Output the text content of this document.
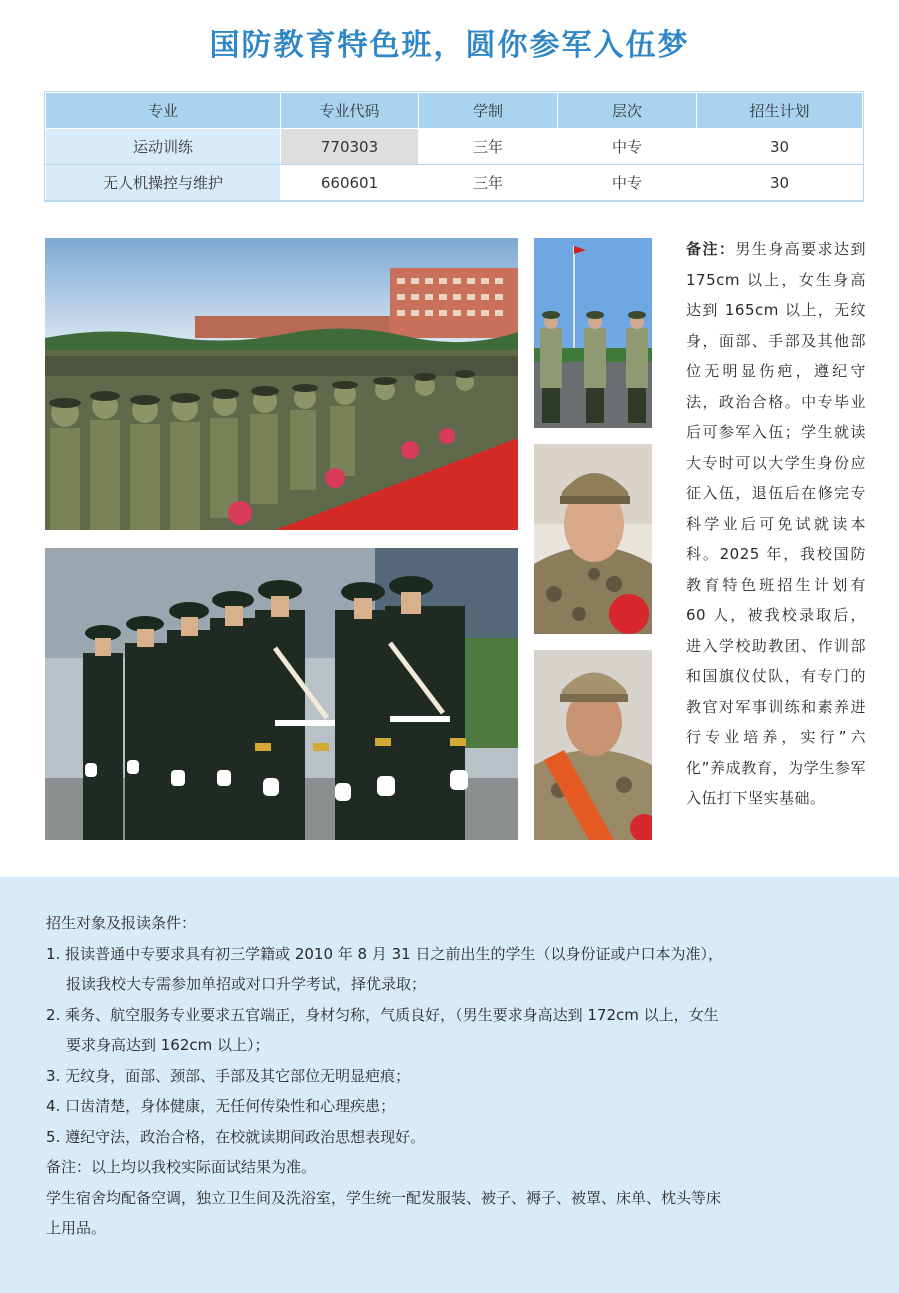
国防教育特色班，圆你参军入伍梦
专业	专业代码	学制	层次	招生计划
运动训练	770303	三年	中专	30
无人机操控与维护	660601	三年	中专	30
备注：男生身高要求达到175cm 以上，女生身高达到 165cm 以上，无纹身，面部、手部及其他部位无明显伤疤，遵纪守法，政治合格。中专毕业后可参军入伍；学生就读大专时可以大学生身份应征入伍，退伍后在修完专科学业后可免试就读本科。2025 年，我校国防教育特色班招生计划有 60 人，被我校录取后，进入学校助教团、作训部和国旗仪仗队，有专门的教官对军事训练和素养进行专业培养，实行”六化”养成教育，为学生参军入伍打下坚实基础。
招生对象及报读条件：
1. 报读普通中专要求具有初三学籍或 2010 年 8 月 31 日之前出生的学生（以身份证或户口本为准），
报读我校大专需参加单招或对口升学考试，择优录取；
2. 乘务、航空服务专业要求五官端正，身材匀称，气质良好，（男生要求身高达到 172cm 以上，女生
要求身高达到 162cm 以上）；
3. 无纹身，面部、颈部、手部及其它部位无明显疤痕；
4. 口齿清楚，身体健康，无任何传染性和心理疾患；
5. 遵纪守法，政治合格，在校就读期间政治思想表现好。
备注：以上均以我校实际面试结果为准。
学生宿舍均配备空调，独立卫生间及洗浴室，学生统一配发服装、被子、褥子、被罩、床单、枕头等床
上用品。
